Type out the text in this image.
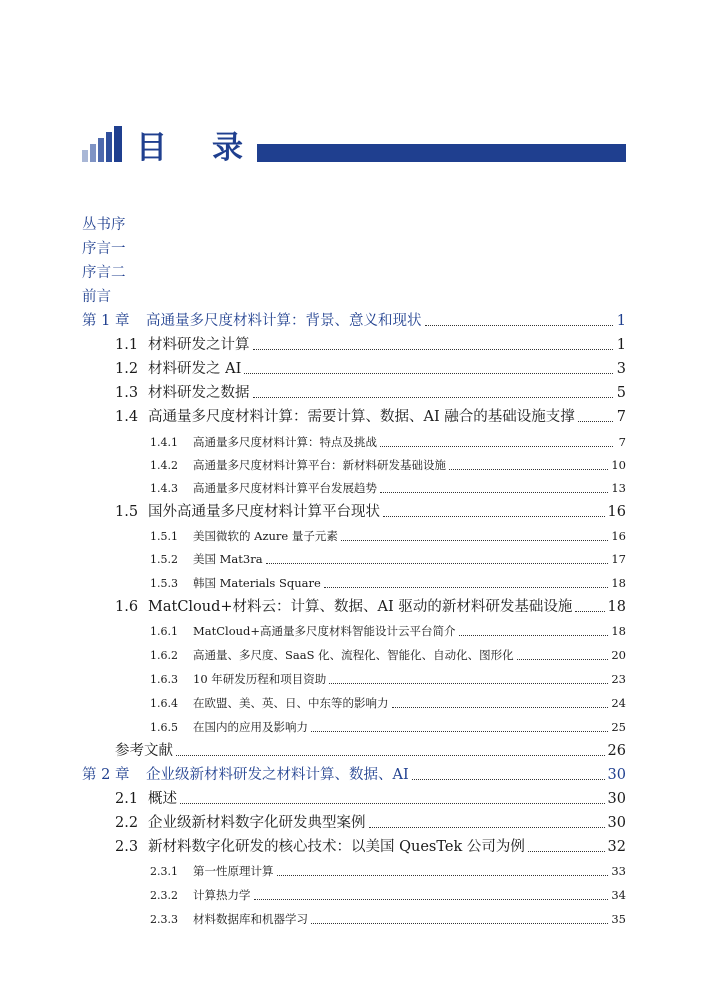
目 录
丛书序
序言一
序言二
前言
第 1 章	高通量多尺度材料计算：背景、意义和现状	1
1.1 材料研发之计算	1
1.2 材料研发之 AI	3
1.3 材料研发之数据	5
1.4 高通量多尺度材料计算：需要计算、数据、AI 融合的基础设施支撑	7
1.4.1	高通量多尺度材料计算：特点及挑战	7
1.4.2	高通量多尺度材料计算平台：新材料研发基础设施	10
1.4.3	高通量多尺度材料计算平台发展趋势	13
1.5 国外高通量多尺度材料计算平台现状	16
1.5.1	美国微软的 Azure 量子元素	16
1.5.2	美国 Mat3ra	17
1.5.3	韩国 Materials Square	18
1.6 MatCloud+材料云：计算、数据、AI 驱动的新材料研发基础设施 18
1.6.1	MatCloud+高通量多尺度材料智能设计云平台简介	18
1.6.2	高通量、多尺度、SaaS 化、流程化、智能化、自动化、图形化	20
1.6.3	10 年研发历程和项目资助	23
1.6.4	在欧盟、美、英、日、中东等的影响力	24
1.6.5	在国内的应用及影响力	25
参考文献	26
第 2 章	企业级新材料研发之材料计算、数据、AI	30
2.1 概述	30
2.2 企业级新材料数字化研发典型案例	30
2.3 新材料数字化研发的核心技术：以美国 QuesTek 公司为例	32
2.3.1	第一性原理计算	33
2.3.2	计算热力学	34
2.3.3	材料数据库和机器学习	35
